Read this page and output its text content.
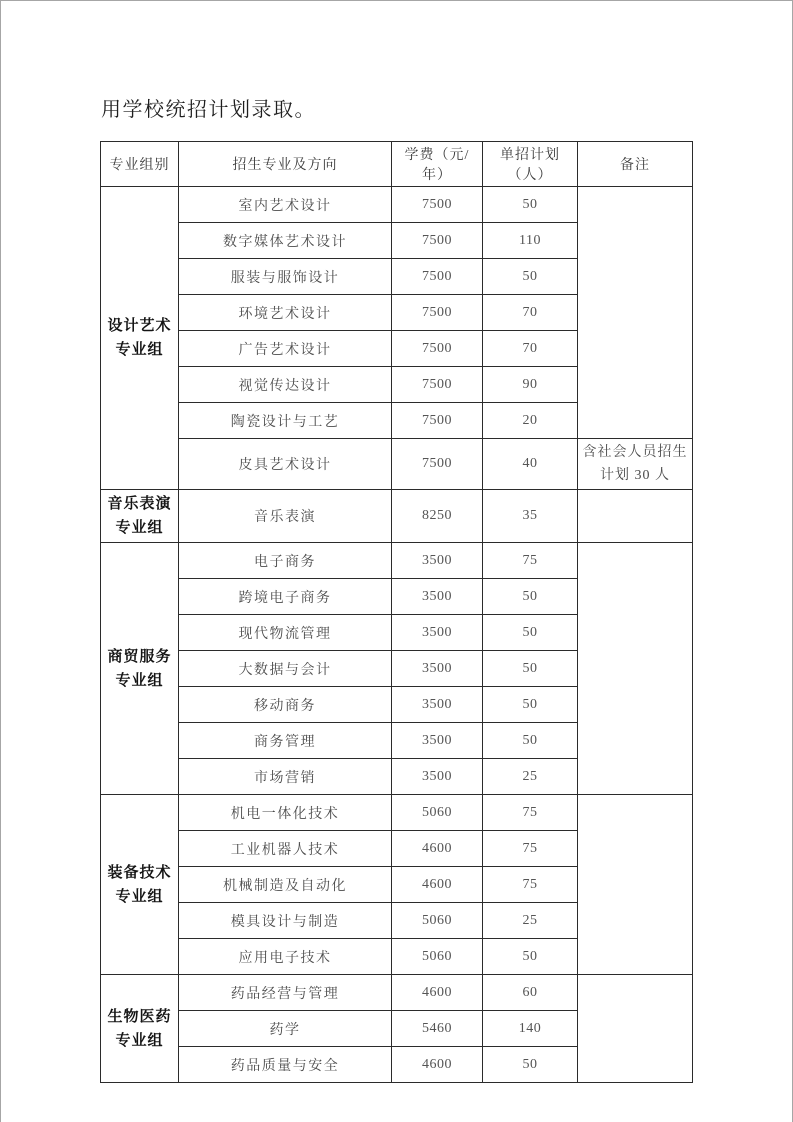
用学校统招计划录取。

专业组别	招生专业及方向	学费（元/年）	单招计划（人）	备注

设计艺术
专业组	室内艺术设计	7500	50	
	数字媒体艺术设计	7500	110	
	服装与服饰设计	7500	50	
	环境艺术设计	7500	70	
	广告艺术设计	7500	70	
	视觉传达设计	7500	90	
	陶瓷设计与工艺	7500	20	
	皮具艺术设计	7500	40	含社会人员招生
计划 30 人

音乐表演
专业组	音乐表演	8250	35	

商贸服务
专业组	电子商务	3500	75	
	跨境电子商务	3500	50	
	现代物流管理	3500	50	
	大数据与会计	3500	50	
	移动商务	3500	50	
	商务管理	3500	50	
	市场营销	3500	25	

装备技术
专业组	机电一体化技术	5060	75	
	工业机器人技术	4600	75	
	机械制造及自动化	4600	75	
	模具设计与制造	5060	25	
	应用电子技术	5060	50	

生物医药
专业组	药品经营与管理	4600	60	
	药学	5460	140	
	药品质量与安全	4600	50	
